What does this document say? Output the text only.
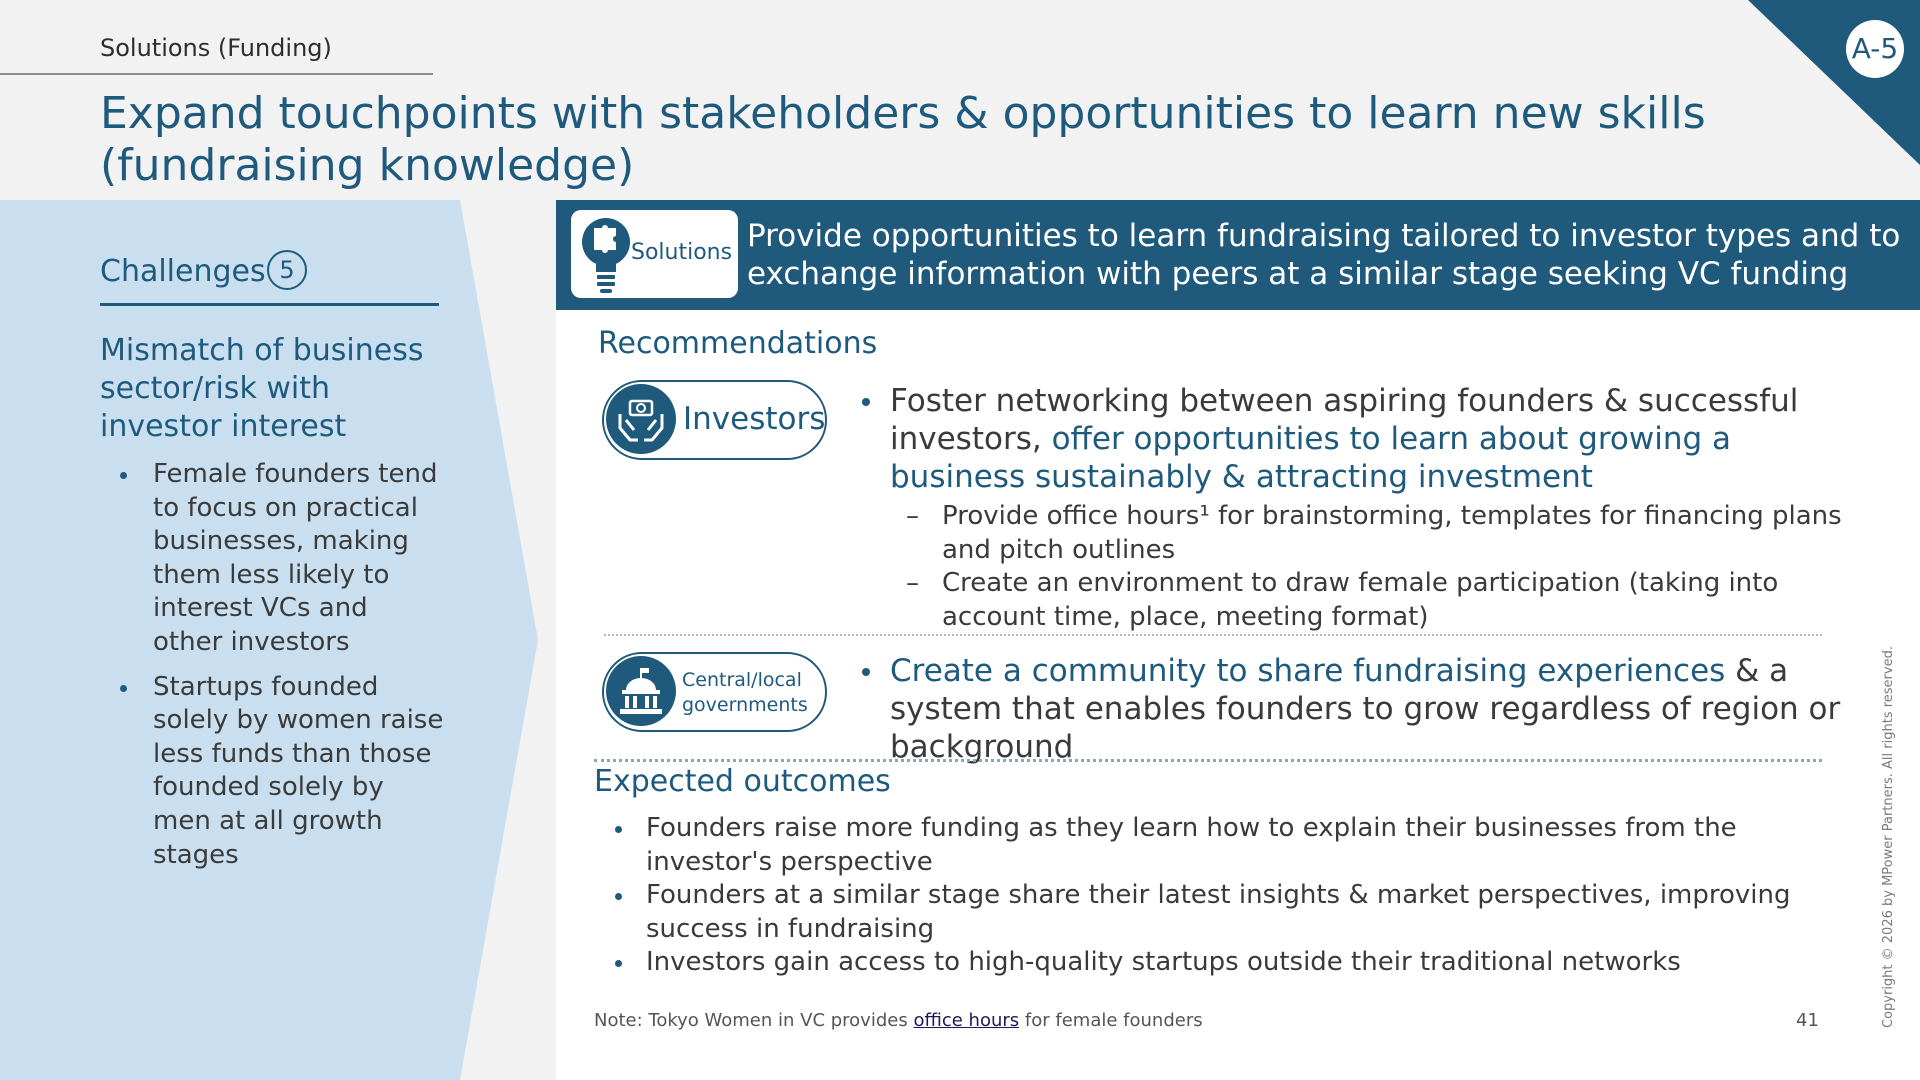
Solutions (Funding)
Expand touchpoints with stakeholders & opportunities to learn new skills (fundraising knowledge)
A-5
Challenges 5
Mismatch of business sector/risk with investor interest
Female founders tend to focus on practical businesses, making them less likely to interest VCs and other investors
Startups founded solely by women raise less funds than those founded solely by men at all growth stages
Solutions Provide opportunities to learn fundraising tailored to investor types and to exchange information with peers at a similar stage seeking VC funding
Recommendations
Investors	Foster networking between aspiring founders & successful investors, offer opportunities to learn about growing a business sustainably & attracting investment
– Provide office hours¹ for brainstorming, templates for financing plans and pitch outlines
– Create an environment to draw female participation (taking into account time, place, meeting format)
Central/local governments
Create a community to share fundraising experiences & a system that enables founders to grow regardless of region or background
Expected outcomes
Founders raise more funding as they learn how to explain their businesses from the investor's perspective
Founders at a similar stage share their latest insights & market perspectives, improving success in fundraising
Investors gain access to high-quality startups outside their traditional networks
Note: Tokyo Women in VC provides office hours for female founders	41	Copyright © 2026 by MPower Partners. All rights reserved.
